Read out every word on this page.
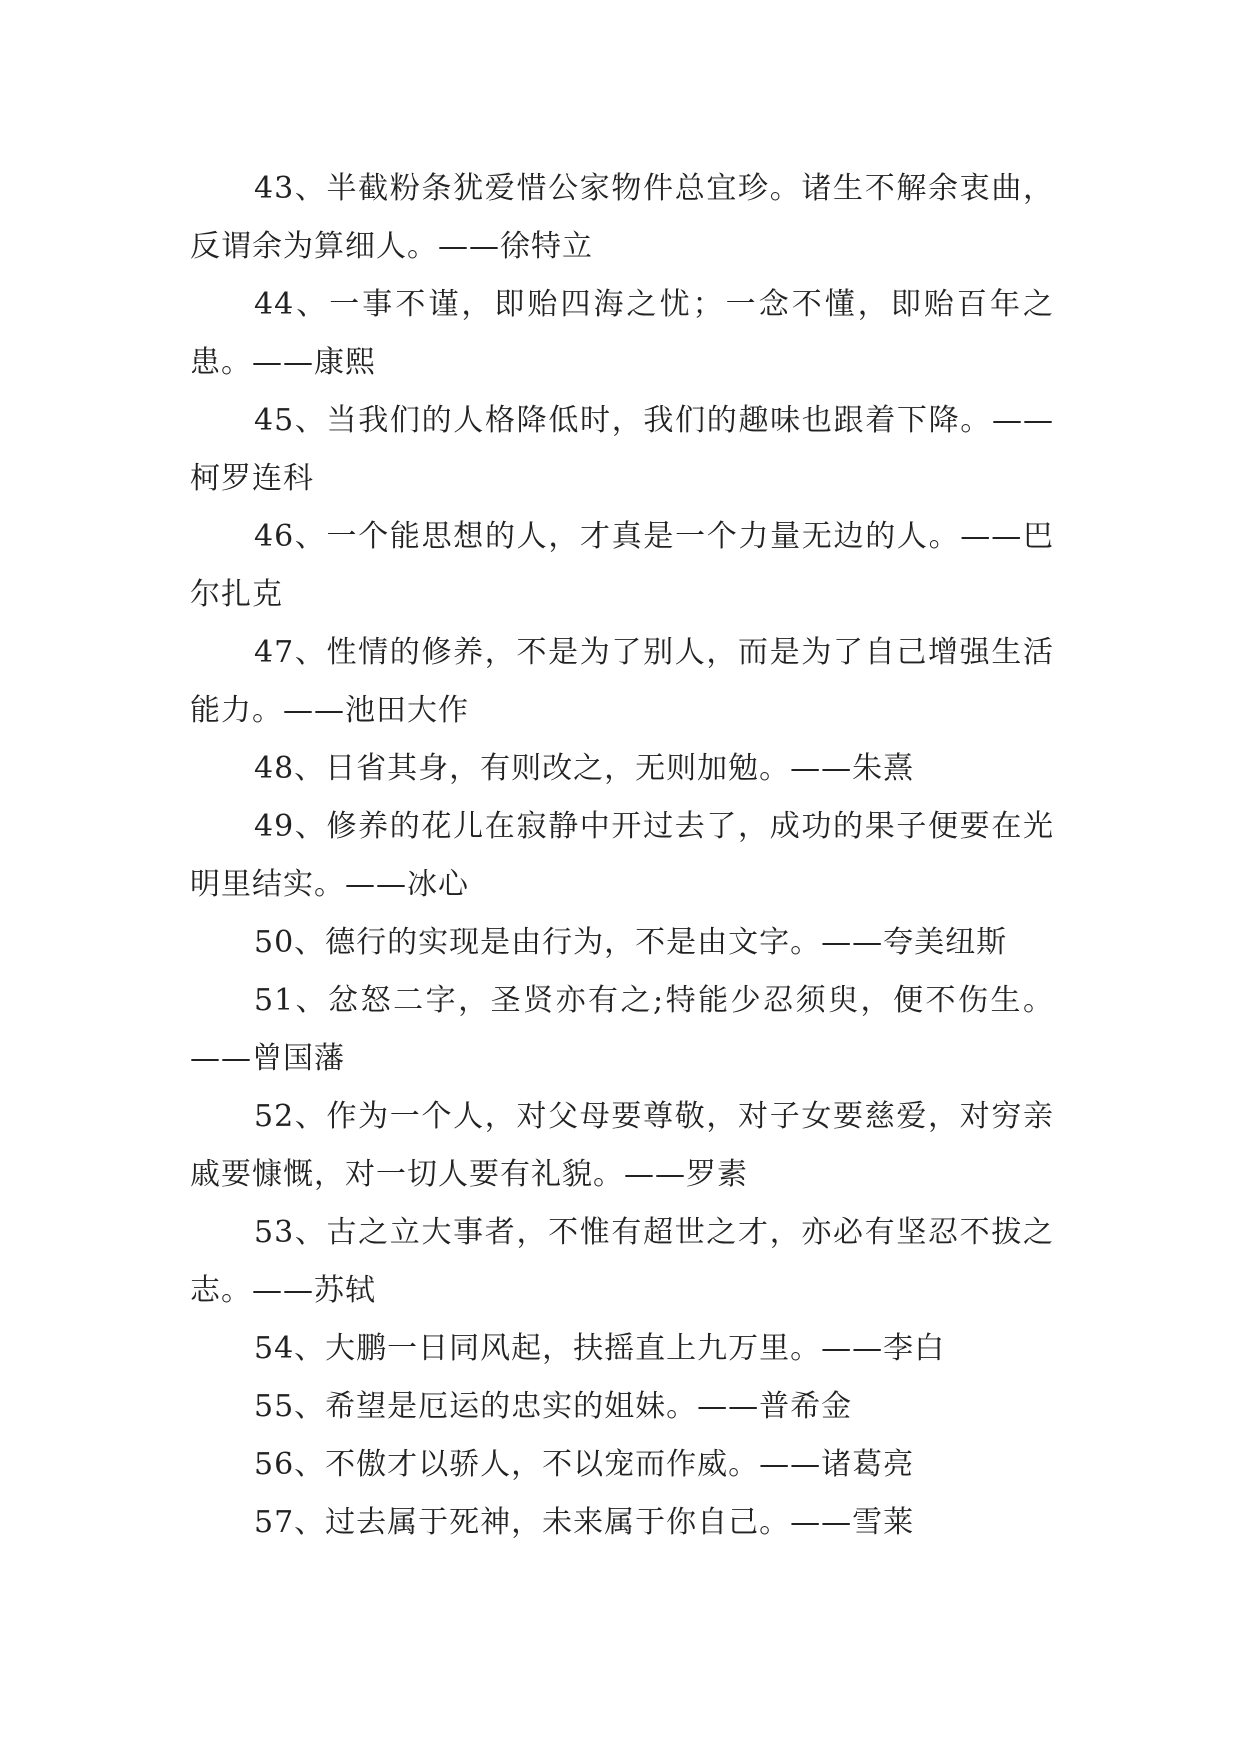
43、半截粉条犹爱惜公家物件总宜珍。诸生不解余衷曲，反谓余为算细人。——徐特立

44、一事不谨，即贻四海之忧；一念不懂，即贻百年之患。——康熙

45、当我们的人格降低时，我们的趣味也跟着下降。——柯罗连科

46、一个能思想的人，才真是一个力量无边的人。——巴尔扎克

47、性情的修养，不是为了别人，而是为了自己增强生活能力。——池田大作

48、日省其身，有则改之，无则加勉。——朱熹

49、修养的花儿在寂静中开过去了，成功的果子便要在光明里结实。——冰心

50、德行的实现是由行为，不是由文字。——夸美纽斯

51、忿怒二字，圣贤亦有之;特能少忍须臾，便不伤生。——曾国藩

52、作为一个人，对父母要尊敬，对子女要慈爱，对穷亲戚要慷慨，对一切人要有礼貌。——罗素

53、古之立大事者，不惟有超世之才，亦必有坚忍不拔之志。——苏轼

54、大鹏一日同风起，扶摇直上九万里。——李白

55、希望是厄运的忠实的姐妹。——普希金

56、不傲才以骄人，不以宠而作威。——诸葛亮

57、过去属于死神，未来属于你自己。——雪莱
